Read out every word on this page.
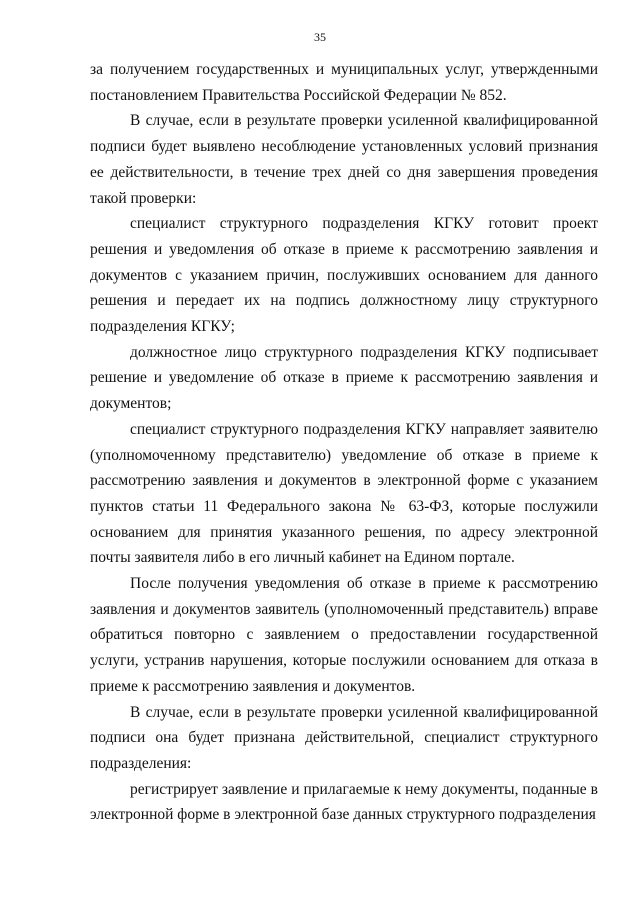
35

за получением государственных и муниципальных услуг, утвержденными постановлением Правительства Российской Федерации № 852.

В случае, если в результате проверки усиленной квалифицированной подписи будет выявлено несоблюдение установленных условий признания ее действительности, в течение трех дней со дня завершения проведения такой проверки:

специалист структурного подразделения КГКУ готовит проект решения и уведомления об отказе в приеме к рассмотрению заявления и документов с указанием причин, послуживших основанием для данного решения и передает их на подпись должностному лицу структурного подразделения КГКУ;

должностное лицо структурного подразделения КГКУ подписывает решение и уведомление об отказе в приеме к рассмотрению заявления и документов;

специалист структурного подразделения КГКУ направляет заявителю (уполномоченному представителю) уведомление об отказе в приеме к рассмотрению заявления и документов в электронной форме с указанием пунктов статьи 11 Федерального закона № 63-ФЗ, которые послужили основанием для принятия указанного решения, по адресу электронной почты заявителя либо в его личный кабинет на Едином портале.

После получения уведомления об отказе в приеме к рассмотрению заявления и документов заявитель (уполномоченный представитель) вправе обратиться повторно с заявлением о предоставлении государственной услуги, устранив нарушения, которые послужили основанием для отказа в приеме к рассмотрению заявления и документов.

В случае, если в результате проверки усиленной квалифицированной подписи она будет признана действительной, специалист структурного подразделения:

регистрирует заявление и прилагаемые к нему документы, поданные в электронной форме в электронной базе данных структурного подразделения
